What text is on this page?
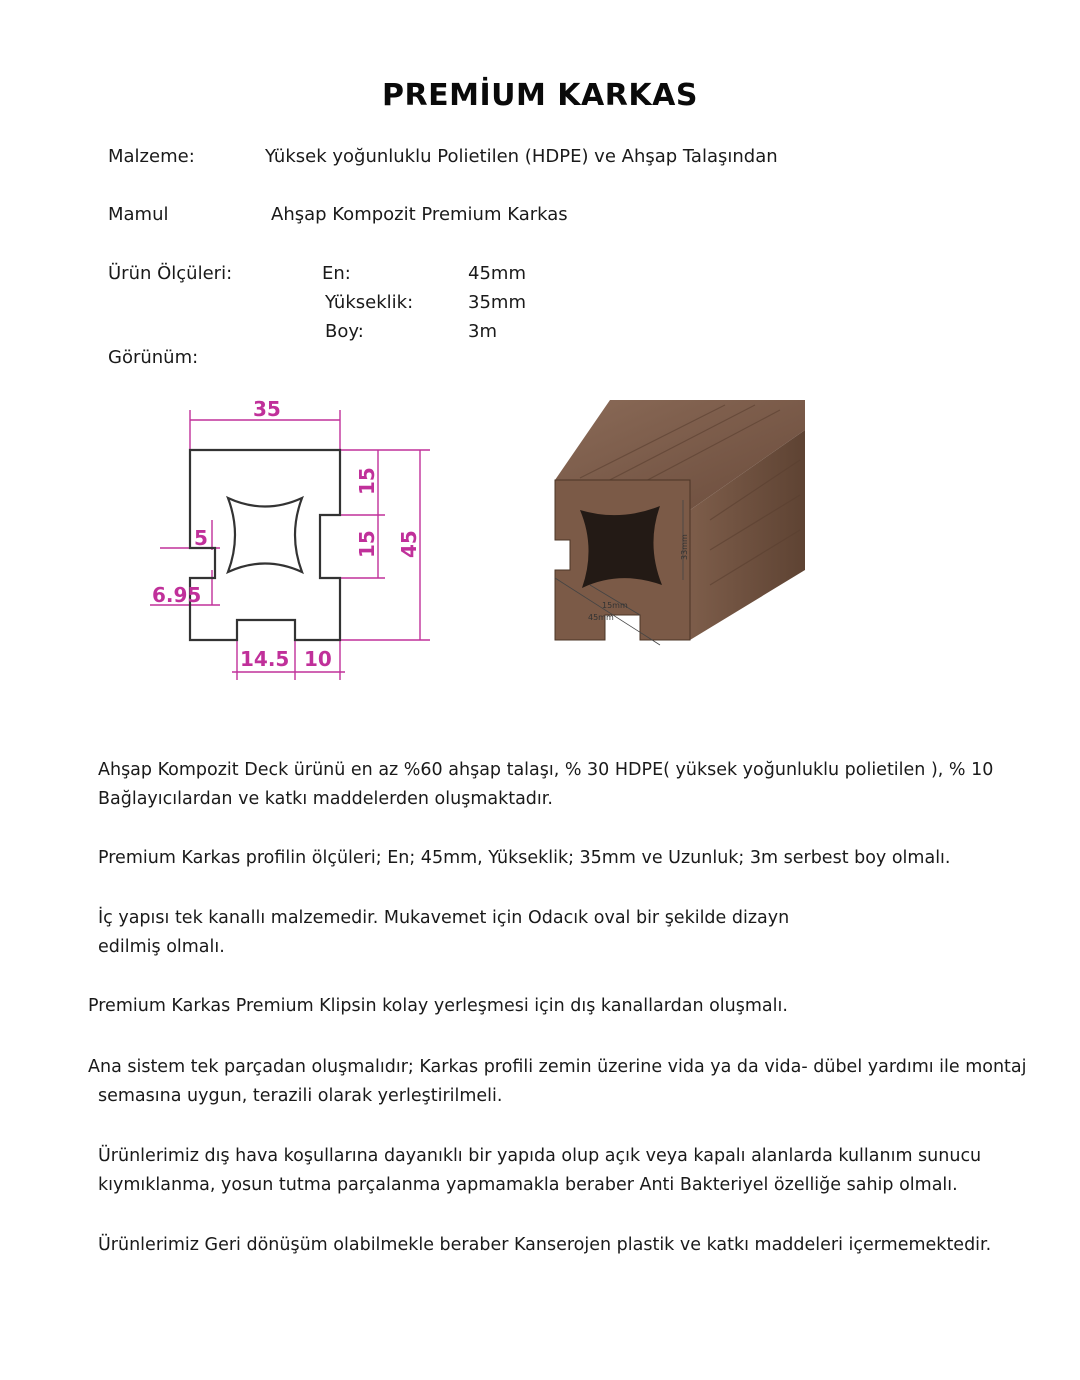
PREMİUM KARKAS
Malzeme:	Yüksek yoğunluklu Polietilen (HDPE) ve Ahşap Talaşından
Mamul	Ahşap Kompozit Premium Karkas
Ürün Ölçüleri:	En:	45mm
Yükseklik:	35mm
Boy:	3m
Görünüm:
35
15
15 45
5
6.95
14.5 10
33mm
15mm
45mm
Ahşap Kompozit Deck ürünü en az %60 ahşap talaşı, % 30 HDPE( yüksek yoğunluklu polietilen ), % 10
Bağlayıcılardan ve katkı maddelerden oluşmaktadır.
Premium Karkas profilin ölçüleri; En; 45mm, Yükseklik; 35mm ve Uzunluk; 3m serbest boy olmalı.
İç yapısı tek kanallı malzemedir. Mukavemet için Odacık oval bir şekilde dizayn
edilmiş olmalı.
Premium Karkas Premium Klipsin kolay yerleşmesi için dış kanallardan oluşmalı.
Ana sistem tek parçadan oluşmalıdır; Karkas profili zemin üzerine vida ya da vida- dübel yardımı ile montaj
semasına uygun, terazili olarak yerleştirilmeli.
Ürünlerimiz dış hava koşullarına dayanıklı bir yapıda olup açık veya kapalı alanlarda kullanım sunucu
kıymıklanma, yosun tutma parçalanma yapmamakla beraber Anti Bakteriyel özelliğe sahip olmalı.
Ürünlerimiz Geri dönüşüm olabilmekle beraber Kanserojen plastik ve katkı maddeleri içermemektedir.
